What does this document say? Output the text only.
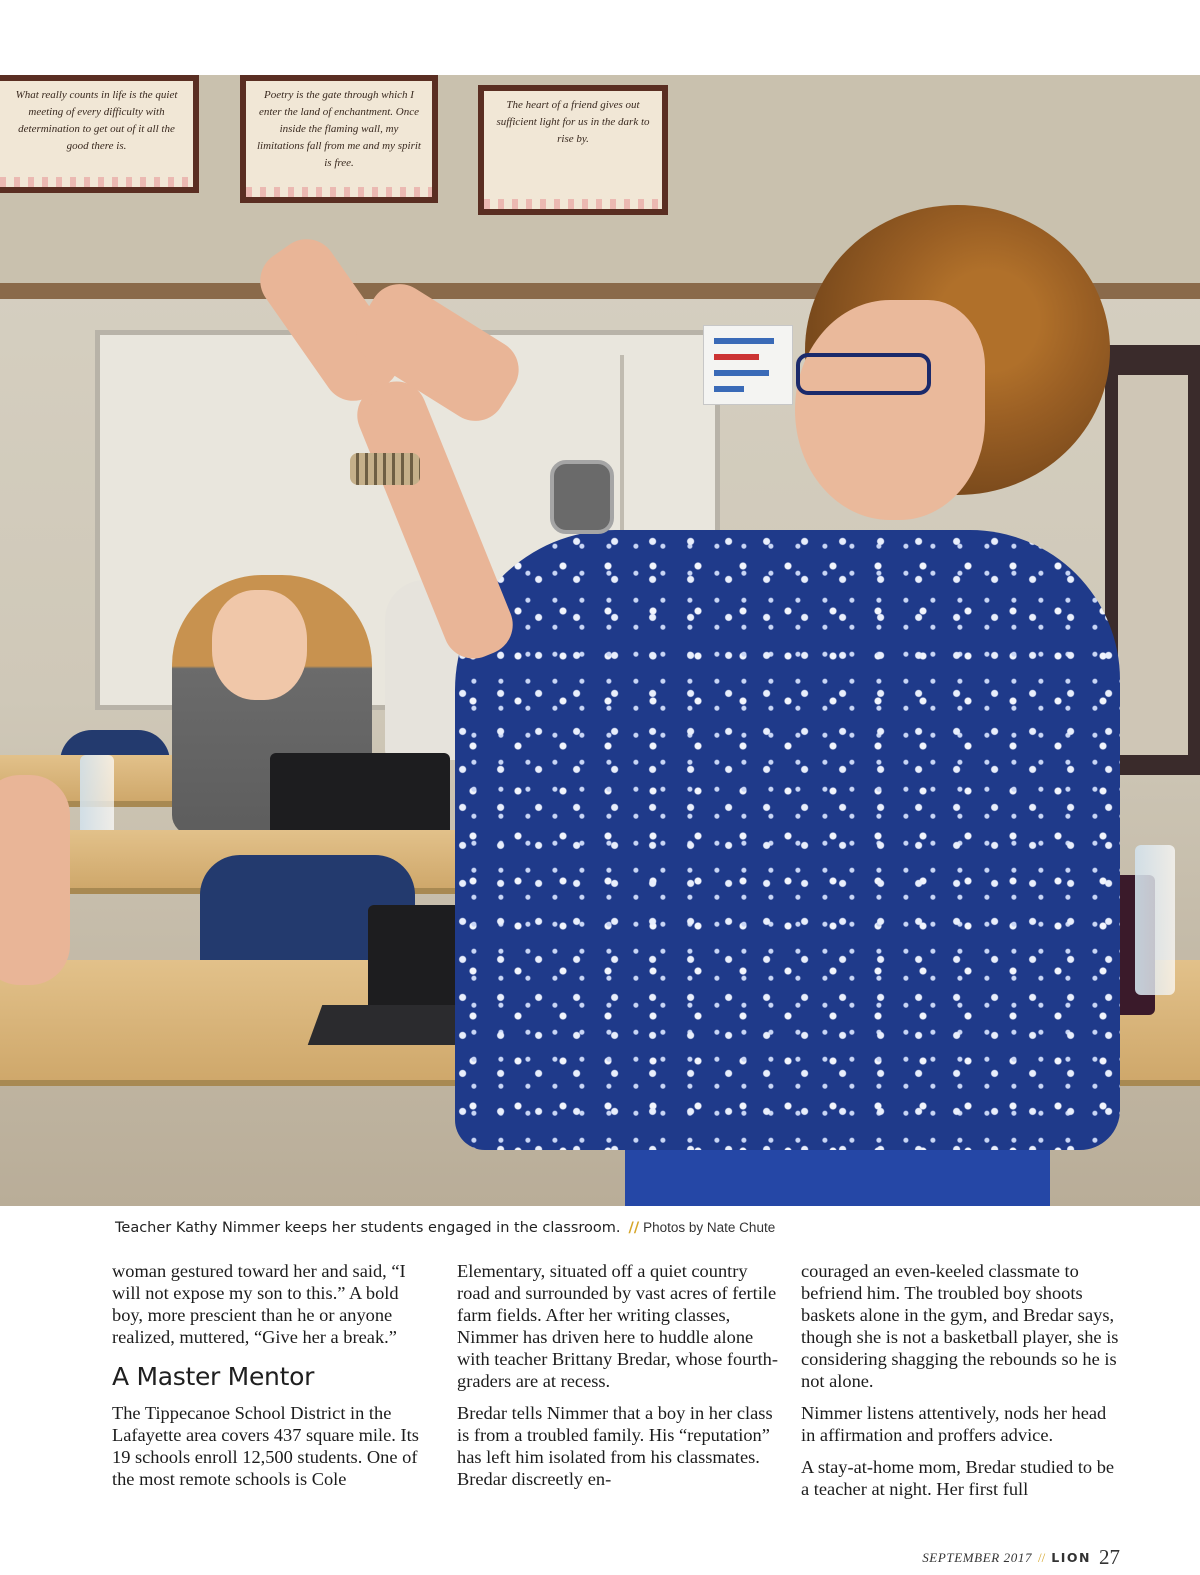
What really counts in life is the quiet meeting of every difficulty with determination to get out of it all the good there is.
Poetry is the gate through which I enter the land of enchantment. Once inside the flaming wall, my limitations fall from me and my spirit is free.
The heart of a friend gives out sufficient light for us in the dark to rise by.
Teacher Kathy Nimmer keeps her students engaged in the classroom. // Photos by Nate Chute

woman gestured toward her and said, “I will not expose my son to this.” A bold boy, more prescient than he or anyone realized, muttered, “Give her a break.”

A Master Mentor

The Tippecanoe School District in the Lafayette area covers 437 square mile. Its 19 schools enroll 12,500 students. One of the most remote schools is Cole

Elementary, situated off a quiet country road and surrounded by vast acres of fertile farm fields. After her writing classes, Nimmer has driven here to huddle alone with teacher Brittany Bredar, whose fourth-graders are at recess.

Bredar tells Nimmer that a boy in her class is from a troubled family. His “reputation” has left him isolated from his classmates. Bredar discreetly en-

couraged an even-keeled classmate to befriend him. The troubled boy shoots baskets alone in the gym, and Bredar says, though she is not a basketball player, she is considering shagging the rebounds so he is not alone.

Nimmer listens attentively, nods her head in affirmation and proffers advice.

A stay-at-home mom, Bredar studied to be a teacher at night. Her first full

SEPTEMBER 2017 // LION 27
